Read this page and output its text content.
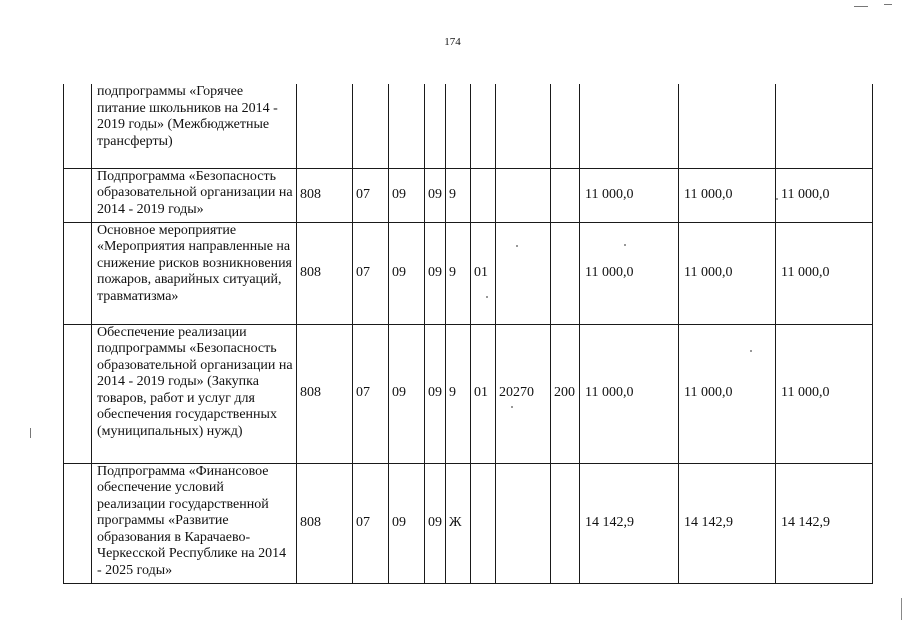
174
	подпрограммы «Горячее питание школьников на 2014 - 2019 годы» (Межбюджетные трансферты)											
	Подпрограмма «Безопасность образовательной организации на 2014 - 2019 годы»	808	07	09	09	9				11 000,0	11 000,0	11 000,0
	Основное мероприятие «Мероприятия направленные на снижение рисков возникновения пожаров, аварийных ситуаций, травматизма»	808	07	09	09	9	01			11 000,0	11 000,0	11 000,0
	Обеспечение реализации подпрограммы «Безопасность образовательной организации на 2014 - 2019 годы» (Закупка товаров, работ и услуг для обеспечения государственных (муниципальных) нужд)	808	07	09	09	9	01	20270	200	11 000,0	11 000,0	11 000,0
	Подпрограмма «Финансовое обеспечение условий реализации государственной программы «Развитие образования в Карачаево-Черкесской Республике на 2014 - 2025 годы»	808	07	09	09	Ж				14 142,9	14 142,9	14 142,9
